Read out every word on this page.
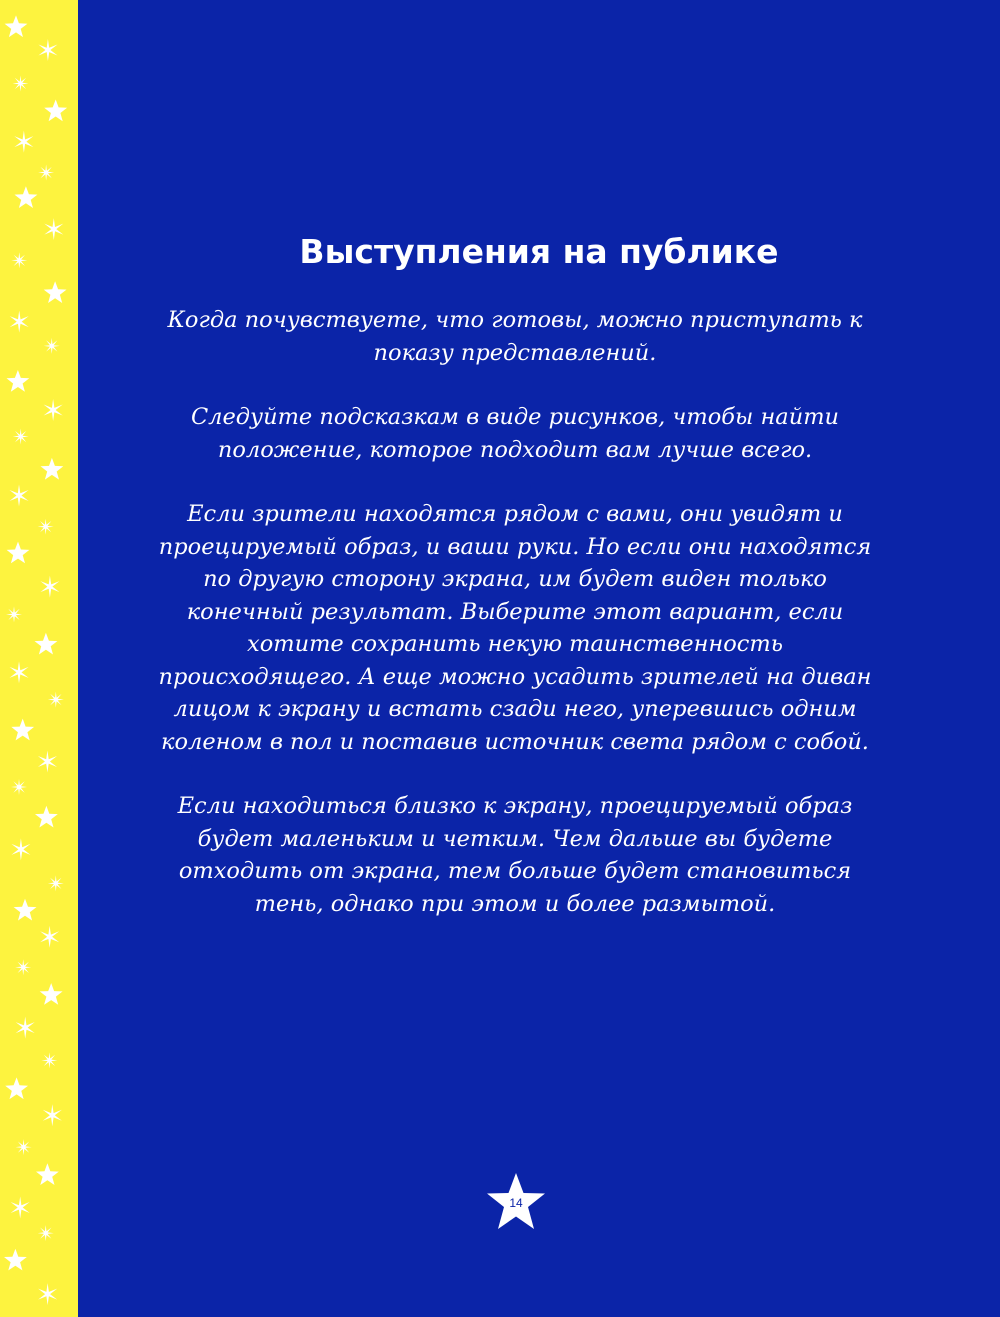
Выступления на публике

Когда почувствуете, что готовы, можно приступать к показу представлений.

Следуйте подсказкам в виде рисунков, чтобы найти положение, которое подходит вам лучше всего.

Если зрители находятся рядом с вами, они увидят и проецируемый образ, и ваши руки. Но если они находятся по другую сторону экрана, им будет виден только конечный результат. Выберите этот вариант, если хотите сохранить некую таинственность происходящего. А еще можно усадить зрителей на диван лицом к экрану и встать сзади него, уперевшись одним коленом в пол и поставив источник света рядом с собой.

Если находиться близко к экрану, проецируемый образ будет маленьким и четким. Чем дальше вы будете отходить от экрана, тем больше будет становиться тень, однако при этом и более размытой.

14
